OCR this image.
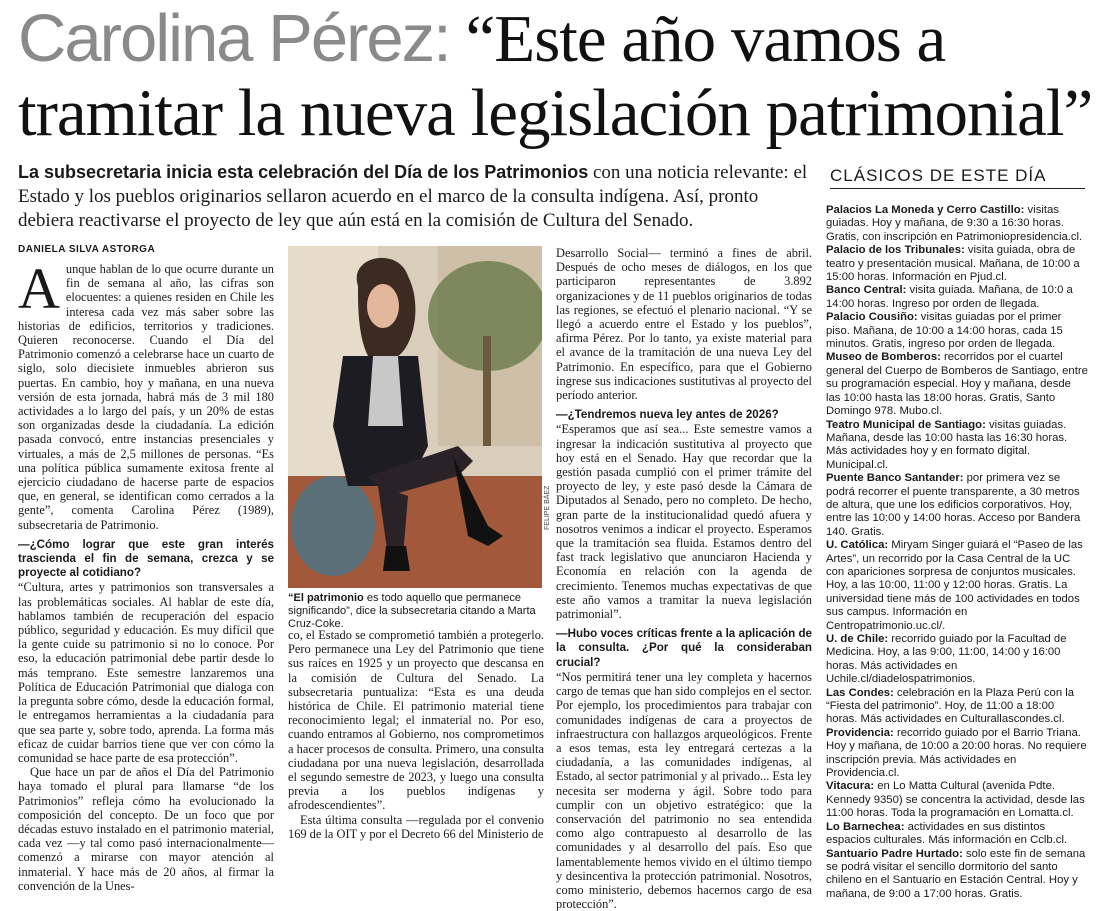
Carolina Pérez: “Este año vamos a
tramitar la nueva legislación patrimonial”
La subsecretaria inicia esta celebración del Día de los Patrimonios con una noticia relevante: el Estado y los pueblos originarios sellaron acuerdo en el marco de la consulta indígena. Así, pronto debiera reactivarse el proyecto de ley que aún está en la comisión de Cultura del Senado.
DANIELA SILVA ASTORGA

Aunque hablan de lo que ocurre durante un fin de semana al año, las cifras son elocuentes: a quienes residen en Chile les interesa cada vez más saber sobre las historias de edificios, territorios y tradiciones. Quieren reconocerse. Cuando el Día del Patrimonio comenzó a celebrarse hace un cuarto de siglo, solo diecisiete inmuebles abrieron sus puertas. En cambio, hoy y mañana, en una nueva versión de esta jornada, habrá más de 3 mil 180 actividades a lo largo del país, y un 20% de estas son organizadas desde la ciudadanía. La edición pasada convocó, entre instancias presenciales y virtuales, a más de 2,5 millones de personas. “Es una política pública sumamente exitosa frente al ejercicio ciudadano de hacerse parte de espacios que, en general, se identifican como cerrados a la gente”, comenta Carolina Pérez (1989), subsecretaria de Patrimonio.

—¿Cómo lograr que este gran interés trascienda el fin de semana, crezca y se proyecte al cotidiano?

“Cultura, artes y patrimonios son transversales a las problemáticas sociales. Al hablar de este día, hablamos también de recuperación del espacio público, seguridad y educación. Es muy difícil que la gente cuide su patrimonio si no lo conoce. Por eso, la educación patrimonial debe partir desde lo más temprano. Este semestre lanzaremos una Política de Educación Patrimonial que dialoga con la pregunta sobre cómo, desde la educación formal, le entregamos herramientas a la ciudadanía para que sea parte y, sobre todo, aprenda. La forma más eficaz de cuidar barrios tiene que ver con cómo la comunidad se hace parte de esa protección”.

Que hace un par de años el Día del Patrimonio haya tomado el plural para llamarse “de los Patrimonios” refleja cómo ha evolucionado la composición del concepto. De un foco que por décadas estuvo instalado en el patrimonio material, cada vez —y tal como pasó internacionalmente— comenzó a mirarse con mayor atención al inmaterial. Y hace más de 20 años, al firmar la convención de la Unes-

FELIPE BÁEZ
“El patrimonio es todo aquello que permanece significando”, dice la subsecretaria citando a Marta Cruz-Coke.

co, el Estado se comprometió también a protegerlo. Pero permanece una Ley del Patrimonio que tiene sus raíces en 1925 y un proyecto que descansa en la comisión de Cultura del Senado. La subsecretaria puntualiza: “Esta es una deuda histórica de Chile. El patrimonio material tiene reconocimiento legal; el inmaterial no. Por eso, cuando entramos al Gobierno, nos comprometimos a hacer procesos de consulta. Primero, una consulta ciudadana por una nueva legislación, desarrollada el segundo semestre de 2023, y luego una consulta previa a los pueblos indígenas y afrodescendientes”.

Esta última consulta —regulada por el convenio 169 de la OIT y por el Decreto 66 del Ministerio de

Desarrollo Social— terminó a fines de abril. Después de ocho meses de diálogos, en los que participaron representantes de 3.892 organizaciones y de 11 pueblos originarios de todas las regiones, se efectuó el plenario nacional. “Y se llegó a acuerdo entre el Estado y los pueblos”, afirma Pérez. Por lo tanto, ya existe material para el avance de la tramitación de una nueva Ley del Patrimonio. En específico, para que el Gobierno ingrese sus indicaciones sustitutivas al proyecto del período anterior.

—¿Tendremos nueva ley antes de 2026?

“Esperamos que así sea... Este semestre vamos a ingresar la indicación sustitutiva al proyecto que hoy está en el Senado. Hay que recordar que la gestión pasada cumplió con el primer trámite del proyecto de ley, y este pasó desde la Cámara de Diputados al Senado, pero no completo. De hecho, gran parte de la institucionalidad quedó afuera y nosotros venimos a indicar el proyecto. Esperamos que la tramitación sea fluida. Estamos dentro del fast track legislativo que anunciaron Hacienda y Economía en relación con la agenda de crecimiento. Tenemos muchas expectativas de que este año vamos a tramitar la nueva legislación patrimonial”.

—Hubo voces críticas frente a la aplicación de la consulta. ¿Por qué la consideraban crucial?

“Nos permitirá tener una ley completa y hacernos cargo de temas que han sido complejos en el sector. Por ejemplo, los procedimientos para trabajar con comunidades indígenas de cara a proyectos de infraestructura con hallazgos arqueológicos. Frente a esos temas, esta ley entregará certezas a la ciudadanía, a las comunidades indígenas, al Estado, al sector patrimonial y al privado... Esta ley necesita ser moderna y ágil. Sobre todo para cumplir con un objetivo estratégico: que la conservación del patrimonio no sea entendida como algo contrapuesto al desarrollo de las comunidades y al desarrollo del país. Eso que lamentablemente hemos vivido en el último tiempo y desincentiva la protección patrimonial. Nosotros, como ministerio, debemos hacernos cargo de esa protección”.

CLÁSICOS DE ESTE DÍA

Palacios La Moneda y Cerro Castillo: visitas guiadas. Hoy y mañana, de 9:30 a 16:30 horas. Gratis, con inscripción en Patrimoniopresidencia.cl.

Palacio de los Tribunales: visita guiada, obra de teatro y presentación musical. Mañana, de 10:00 a 15:00 horas. Información en Pjud.cl.

Banco Central: visita guiada. Mañana, de 10:0 a 14:00 horas. Ingreso por orden de llegada.

Palacio Cousiño: visitas guiadas por el primer piso. Mañana, de 10:00 a 14:00 horas, cada 15 minutos. Gratis, ingreso por orden de llegada.

Museo de Bomberos: recorridos por el cuartel general del Cuerpo de Bomberos de Santiago, entre su programación especial. Hoy y mañana, desde las 10:00 hasta las 18:00 horas. Gratis, Santo Domingo 978. Mubo.cl.

Teatro Municipal de Santiago: visitas guiadas. Mañana, desde las 10:00 hasta las 16:30 horas. Más actividades hoy y en formato digital. Municipal.cl.

Puente Banco Santander: por primera vez se podrá recorrer el puente transparente, a 30 metros de altura, que une los edificios corporativos. Hoy, entre las 10:00 y 14:00 horas. Acceso por Bandera 140. Gratis.

U. Católica: Miryam Singer guiará el “Paseo de las Artes”, un recorrido por la Casa Central de la UC con apariciones sorpresa de conjuntos musicales. Hoy, a las 10:00, 11:00 y 12:00 horas. Gratis. La universidad tiene más de 100 actividades en todos sus campus. Información en Centropatrimonio.uc.cl/.

U. de Chile: recorrido guiado por la Facultad de Medicina. Hoy, a las 9:00, 11:00, 14:00 y 16:00 horas. Más actividades en Uchile.cl/diadelospatrimonios.

Las Condes: celebración en la Plaza Perú con la “Fiesta del patrimonio”. Hoy, de 11:00 a 18:00 horas. Más actividades en Culturallascondes.cl.

Providencia: recorrido guiado por el Barrio Triana. Hoy y mañana, de 10:00 a 20:00 horas. No requiere inscripción previa. Más actividades en Providencia.cl.

Vitacura: en Lo Matta Cultural (avenida Pdte. Kennedy 9350) se concentra la actividad, desde las 11:00 horas. Toda la programación en Lomatta.cl.

Lo Barnechea: actividades en sus distintos espacios culturales. Más información en Cclb.cl.

Santuario Padre Hurtado: solo este fin de semana se podrá visitar el sencillo dormitorio del santo chileno en el Santuario en Estación Central. Hoy y mañana, de 9:00 a 17:00 horas. Gratis.
